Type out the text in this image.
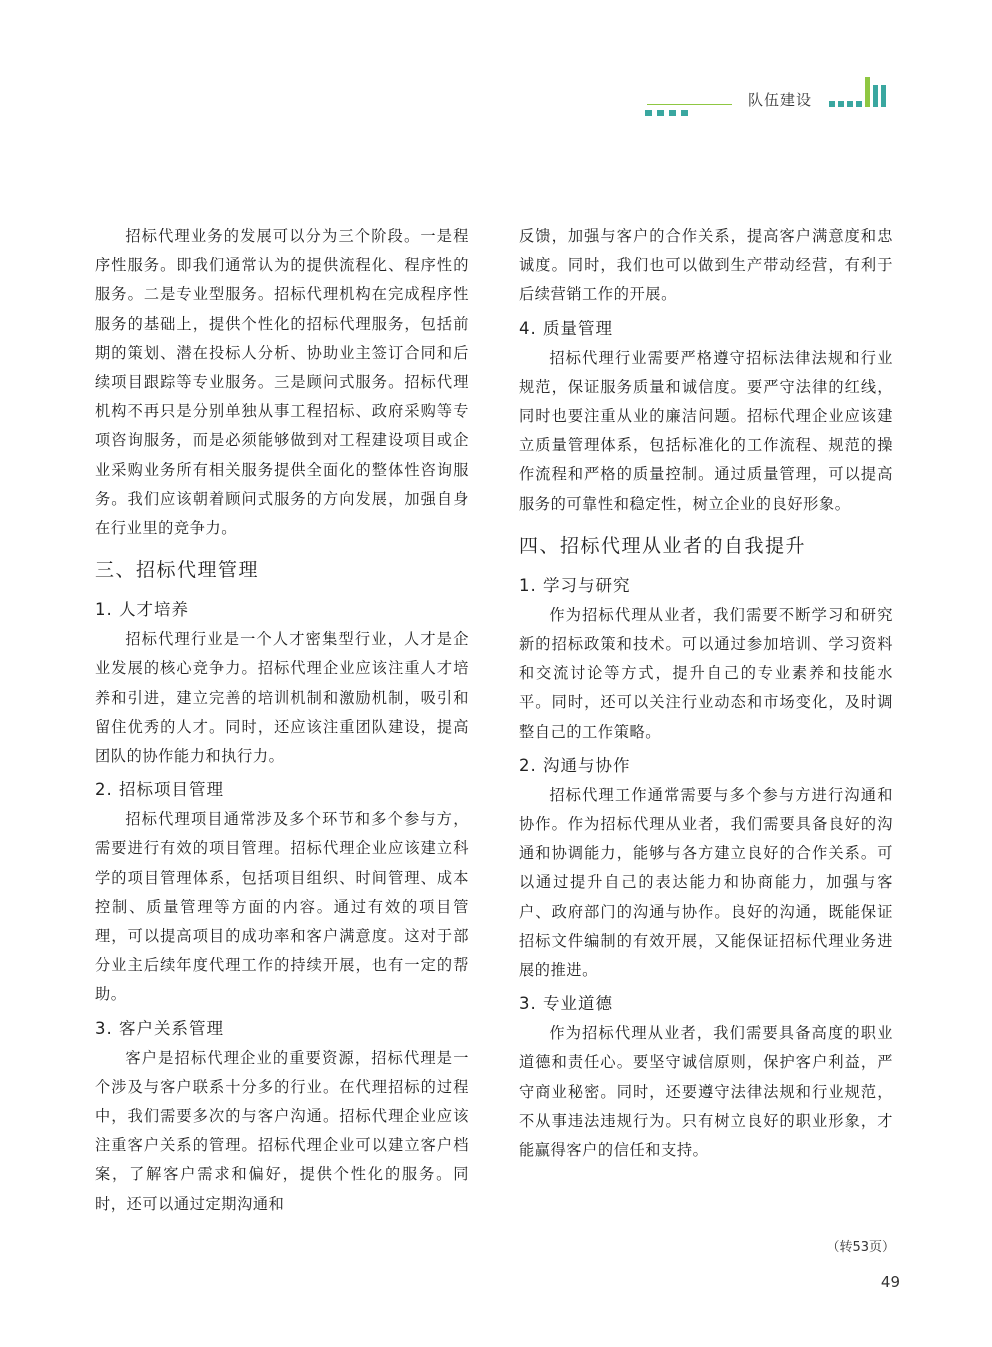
队伍建设

招标代理业务的发展可以分为三个阶段。一是程序性服务。即我们通常认为的提供流程化、程序性的服务。二是专业型服务。招标代理机构在完成程序性服务的基础上，提供个性化的招标代理服务，包括前期的策划、潜在投标人分析、协助业主签订合同和后续项目跟踪等专业服务。三是顾问式服务。招标代理机构不再只是分别单独从事工程招标、政府采购等专项咨询服务，而是必须能够做到对工程建设项目或企业采购业务所有相关服务提供全面化的整体性咨询服务。我们应该朝着顾问式服务的方向发展，加强自身在行业里的竞争力。

三、招标代理管理
1. 人才培养

招标代理行业是一个人才密集型行业，人才是企业发展的核心竞争力。招标代理企业应该注重人才培养和引进，建立完善的培训机制和激励机制，吸引和留住优秀的人才。同时，还应该注重团队建设，提高团队的协作能力和执行力。

2. 招标项目管理

招标代理项目通常涉及多个环节和多个参与方，需要进行有效的项目管理。招标代理企业应该建立科学的项目管理体系，包括项目组织、时间管理、成本控制、质量管理等方面的内容。通过有效的项目管理，可以提高项目的成功率和客户满意度。这对于部分业主后续年度代理工作的持续开展，也有一定的帮助。

3. 客户关系管理

客户是招标代理企业的重要资源，招标代理是一个涉及与客户联系十分多的行业。在代理招标的过程中，我们需要多次的与客户沟通。招标代理企业应该注重客户关系的管理。招标代理企业可以建立客户档案，了解客户需求和偏好，提供个性化的服务。同时，还可以通过定期沟通和

反馈，加强与客户的合作关系，提高客户满意度和忠诚度。同时，我们也可以做到生产带动经营，有利于后续营销工作的开展。

4. 质量管理

招标代理行业需要严格遵守招标法律法规和行业规范，保证服务质量和诚信度。要严守法律的红线，同时也要注重从业的廉洁问题。招标代理企业应该建立质量管理体系，包括标准化的工作流程、规范的操作流程和严格的质量控制。通过质量管理，可以提高服务的可靠性和稳定性，树立企业的良好形象。

四、招标代理从业者的自我提升
1. 学习与研究

作为招标代理从业者，我们需要不断学习和研究新的招标政策和技术。可以通过参加培训、学习资料和交流讨论等方式，提升自己的专业素养和技能水平。同时，还可以关注行业动态和市场变化，及时调整自己的工作策略。

2. 沟通与协作

招标代理工作通常需要与多个参与方进行沟通和协作。作为招标代理从业者，我们需要具备良好的沟通和协调能力，能够与各方建立良好的合作关系。可以通过提升自己的表达能力和协商能力，加强与客户、政府部门的沟通与协作。良好的沟通，既能保证招标文件编制的有效开展，又能保证招标代理业务进展的推进。

3. 专业道德

作为招标代理从业者，我们需要具备高度的职业道德和责任心。要坚守诚信原则，保护客户利益，严守商业秘密。同时，还要遵守法律法规和行业规范，不从事违法违规行为。只有树立良好的职业形象，才能赢得客户的信任和支持。

（转53页）
49
